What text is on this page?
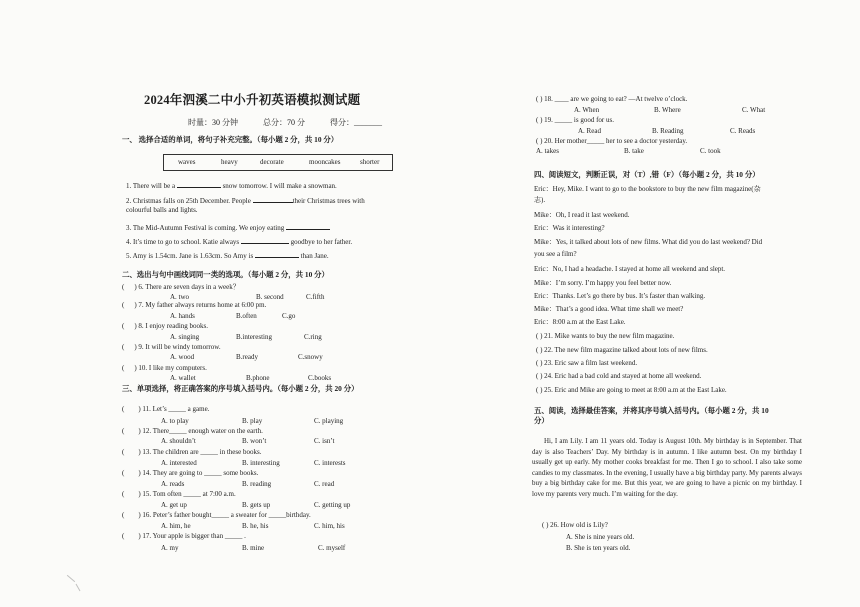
2024年泗溪二中小升初英语模拟测试题
时量：30 分钟	总分：70 分	得分：_______
一、 选择合适的单词，将句子补充完整。（每小题 2 分，共 10 分）
waves	heavy	decorate	mooncakes	shorter
1. There will be a	snow tomorrow. I will make a snowman.
2. Christmas falls on 25th December. People	their Christmas trees with
colourful balls and lights.
3. The Mid-Autumn Festival is coming. We enjoy eating
4. It’s time to go to school. Katie always	goodbye to her father.
5. Amy is 1.54cm. Jane is 1.63cm. So Amy is	than Jane.
二、选出与句中画线词同一类的选项。（每小题 2 分，共 10 分）
( ) 6. There are seven days in a week？
A. two	B. second	C.fifth
( ) 7. My father always returns home at 6:00 pm.
A. hands	B.often	C.go
( ) 8. I enjoy reading books.
A. singing	B.interesting	C.ring
( ) 9. It will be windy tomorrow.
A. wood	B.ready	C.snowy
( ) 10. I like my computers.
A. wallet	B.phone	C.books
三、单项选择，将正确答案的序号填入括号内。（每小题 2 分，共 20 分）
( ) 11. Let’s _____ a game.
A. to play	B. play	C. playing
( ) 12. There_____ enough water on the earth.
A. shouldn’t	B. won’t	C. isn’t
( ) 13. The children are _____ in these books.
A. interested	B. interesting	C. interests
( ) 14. They are going to _____ some books.
A. reads	B. reading	C. read
( ) 15. Tom often _____ at 7:00 a.m.
A. get up	B. gets up	C. getting up
( ) 16. Peter’s father bought_____ a sweater for _____birthday.
A. him, he	B. he, his	C. him, his
( ) 17. Your apple is bigger than _____ .
A. my	B. mine	C. myself
( ) 18. ____ are we going to eat? —At twelve o’clock.
A. When	B. Where	C. What
( ) 19. _____ is good for us.
A. Read	B. Reading	C. Reads
( ) 20. Her mother_____ her to see a doctor yesterday.
A. takes	B. take	C. took
四、阅读短文，判断正误，对（T）,错（F）（每小题 2 分，共 10 分）
Eric：Hey, Mike. I want to go to the bookstore to buy the new film magazine(杂
志).
Mike：Oh, I read it last weekend.
Eric：Was it interesting?
Mike：Yes, it talked about lots of new films. What did you do last weekend? Did
you see a film?
Eric：No, I had a headache. I stayed at home all weekend and slept.
Mike：I’m sorry. I’m happy you feel better now.
Eric：Thanks. Let’s go there by bus. It’s faster than walking.
Mike：That’s a good idea. What time shall we meet?
Eric：8:00 a.m at the East Lake.
( ) 21. Mike wants to buy the new film magazine.
( ) 22. The new film magazine talked about lots of new films.
( ) 23. Eric saw a film last weekend.
( ) 24. Eric had a bad cold and stayed at home all weekend.
( ) 25. Eric and Mike are going to meet at 8:00 a.m at the East Lake.
五、阅读，选择最佳答案，并将其序号填入括号内。（每小题 2 分，共 10
分）
Hi, I am Lily. I am 11 years old. Today is August 10th. My birthday is in September. That day is also Teachers’ Day. My birthday is in autumn. I like autumn best. On my birthday I usually get up early. My mother cooks breakfast for me. Then I go to school. I also take some candies to my classmates. In the evening, I usually have a big birthday party. My parents always buy a big birthday cake for me. But this year, we are going to have a picnic on my birthday. I love my parents very much. I’m waiting for the day.
( ) 26. How old is Lily?
A. She is nine years old.
B. She is ten years old.
